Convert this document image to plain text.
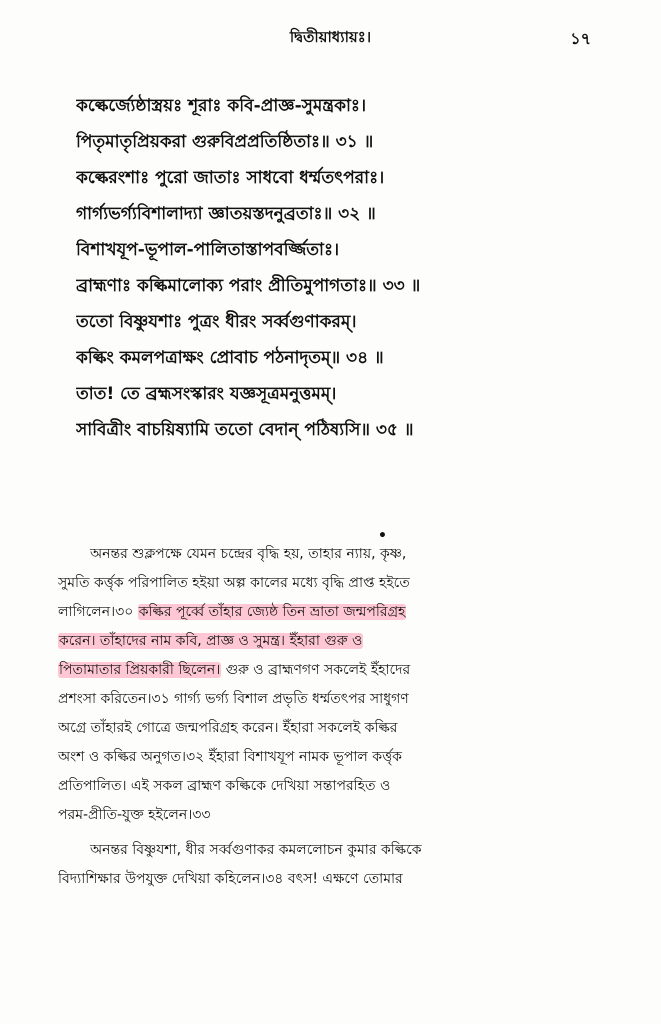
দ্বিতীয়াধ্যায়ঃ।	১৭
কল্কের্জ্যেষ্ঠাস্ত্রয়ঃ শূরাঃ কবি-প্রাজ্ঞ-সুমন্ত্রকাঃ।
পিতৃমাতৃপ্রিয়করা গুরুবিপ্রপ্রতিষ্ঠিতাঃ॥ ৩১ ॥
কল্কেরংশাঃ পুরো জাতাঃ সাধবো ধর্ম্মতৎপরাঃ।
গার্গ্যভর্গ্যবিশালাদ্যা জ্ঞাতয়স্তদনুব্রতাঃ॥ ৩২ ॥
বিশাখযূপ-ভূপাল-পালিতাস্তাপবর্জ্জিতাঃ।
ব্রাহ্মণাঃ কল্কিমালোক্য পরাং প্রীতিমুপাগতাঃ॥ ৩৩ ॥
ততো বিষ্ণুযশাঃ পুত্রং ধীরং সর্ব্বগুণাকরম্।
কল্কিং কমলপত্রাক্ষং প্রোবাচ পঠনাদৃতম্॥ ৩৪ ॥
তাত! তে ব্রহ্মসংস্কারং যজ্ঞসূত্রমনুত্তমম্।
সাবিত্রীং বাচয়িষ্যামি ততো বেদান্ পঠিষ্যসি॥ ৩৫ ॥
•
অনন্তর শুক্লপক্ষে যেমন চন্দ্রের বৃদ্ধি হয়, তাহার ন্যায়, কৃষ্ণ,
সুমতি কর্ত্তৃক পরিপালিত হইয়া অল্প কালের মধ্যে বৃদ্ধি প্রাপ্ত হইতে
লাগিলেন।৩০ কল্কির পূর্ব্বে তাঁহার জ্যেষ্ঠ তিন ভ্রাতা জন্মপরিগ্রহ
করেন। তাঁহাদের নাম কবি, প্রাজ্ঞ ও সুমন্ত্র। ইঁহারা গুরু ও
পিতামাতার প্রিয়কারী ছিলেন। গুরু ও ব্রাহ্মণগণ সকলেই ইঁহাদের
প্রশংসা করিতেন।৩১ গার্গ্য ভর্গ্য বিশাল প্রভৃতি ধর্ম্মতৎপর সাধুগণ
অগ্রে তাঁহারই গোত্রে জন্মপরিগ্রহ করেন। ইঁহারা সকলেই কল্কির
অংশ ও কল্কির অনুগত।৩২ ইঁহারা বিশাখযূপ নামক ভূপাল কর্ত্তৃক
প্রতিপালিত। এই সকল ব্রাহ্মণ কল্কিকে দেখিয়া সন্তাপরহিত ও
পরম-প্রীতি-যুক্ত হইলেন।৩৩
অনন্তর বিষ্ণুযশা, ধীর সর্ব্বগুণাকর কমললোচন কুমার কল্কিকে
বিদ্যাশিক্ষার উপযুক্ত দেখিয়া কহিলেন।৩৪ বৎস! এক্ষণে তোমার
